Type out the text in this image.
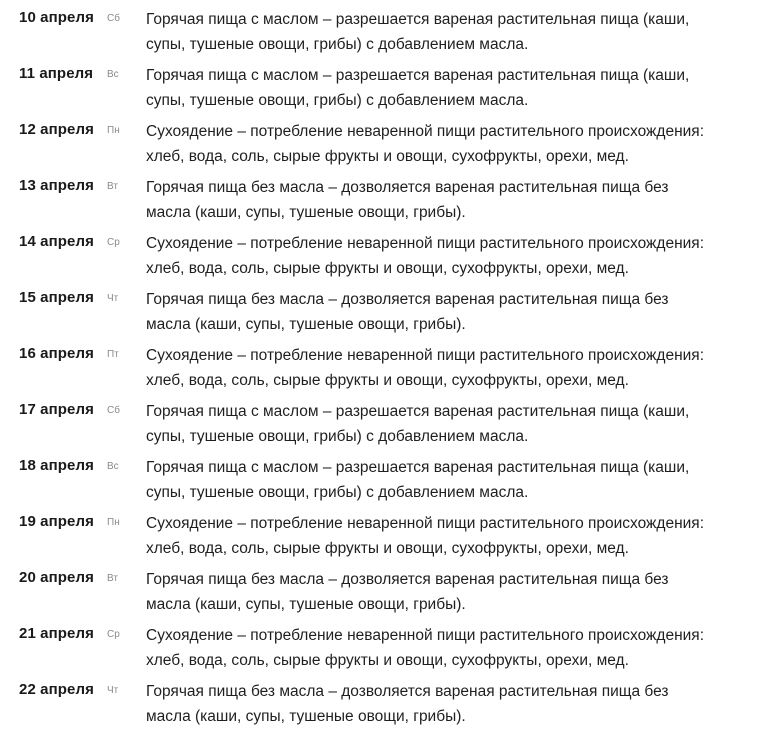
10 апреля Сб Горячая пища с маслом – разрешается вареная растительная пища (каши,
супы, тушеные овощи, грибы) с добавлением масла.
11 апреля Вс Горячая пища с маслом – разрешается вареная растительная пища (каши,
супы, тушеные овощи, грибы) с добавлением масла.
12 апреля Пн Сухоядение – потребление неваренной пищи растительного происхождения:
хлеб, вода, соль, сырые фрукты и овощи, сухофрукты, орехи, мед.
13 апреля Вт Горячая пища без масла – дозволяется вареная растительная пища без
масла (каши, супы, тушеные овощи, грибы).
14 апреля Ср Сухоядение – потребление неваренной пищи растительного происхождения:
хлеб, вода, соль, сырые фрукты и овощи, сухофрукты, орехи, мед.
15 апреля Чт Горячая пища без масла – дозволяется вареная растительная пища без
масла (каши, супы, тушеные овощи, грибы).
16 апреля Пт Сухоядение – потребление неваренной пищи растительного происхождения:
хлеб, вода, соль, сырые фрукты и овощи, сухофрукты, орехи, мед.
17 апреля Сб Горячая пища с маслом – разрешается вареная растительная пища (каши,
супы, тушеные овощи, грибы) с добавлением масла.
18 апреля Вс Горячая пища с маслом – разрешается вареная растительная пища (каши,
супы, тушеные овощи, грибы) с добавлением масла.
19 апреля Пн Сухоядение – потребление неваренной пищи растительного происхождения:
хлеб, вода, соль, сырые фрукты и овощи, сухофрукты, орехи, мед.
20 апреля Вт Горячая пища без масла – дозволяется вареная растительная пища без
масла (каши, супы, тушеные овощи, грибы).
21 апреля Ср Сухоядение – потребление неваренной пищи растительного происхождения:
хлеб, вода, соль, сырые фрукты и овощи, сухофрукты, орехи, мед.
22 апреля Чт Горячая пища без масла – дозволяется вареная растительная пища без
масла (каши, супы, тушеные овощи, грибы).
